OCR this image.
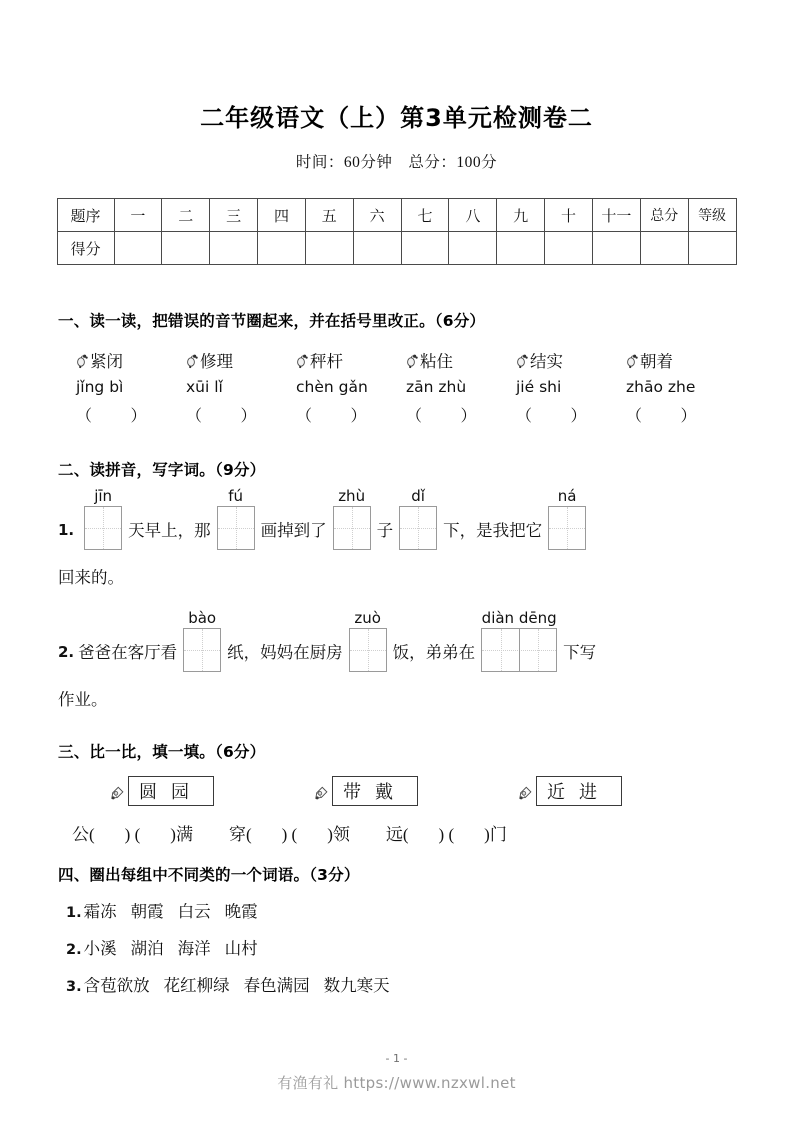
二年级语文（上）第3单元检测卷二
时间：60分钟　总分：100分
题序	一	二	三	四	五	六	七	八	九	十	十一	总分	等级
得分													
一、读一读，把错误的音节圈起来，并在括号里改正。（6分）
紧闭	修理	秤杆	粘住	结实	朝着
jǐng bì	xūi lǐ	chèn gǎn	zān zhù	jié shi	zhāo zhe
（ ）	（ ）	（ ）	（ ）	（ ）	（ ）
二、读拼音，写字词。（9分）
1.
jīn
天早上，那
fú
画掉到了
zhù
子
dǐ
下，是我把它
ná
回来的。
2. 爸爸在客厅看
bào
纸，妈妈在厨房
zuò
饭，弟弟在
diàn dēng
下写
作业。
三、比一比，填一填。（6分）
圆 园	带 戴	近 进
公( ) ( )满 穿( ) ( )领 远( ) ( )门
四、圈出每组中不同类的一个词语。（3分）
1. 霜冻 朝霞 白云 晚霞
2. 小溪 湖泊 海洋 山村
3. 含苞欲放 花红柳绿 春色满园 数九寒天
- 1 -
有渔有礼 https://www.nzxwl.net
